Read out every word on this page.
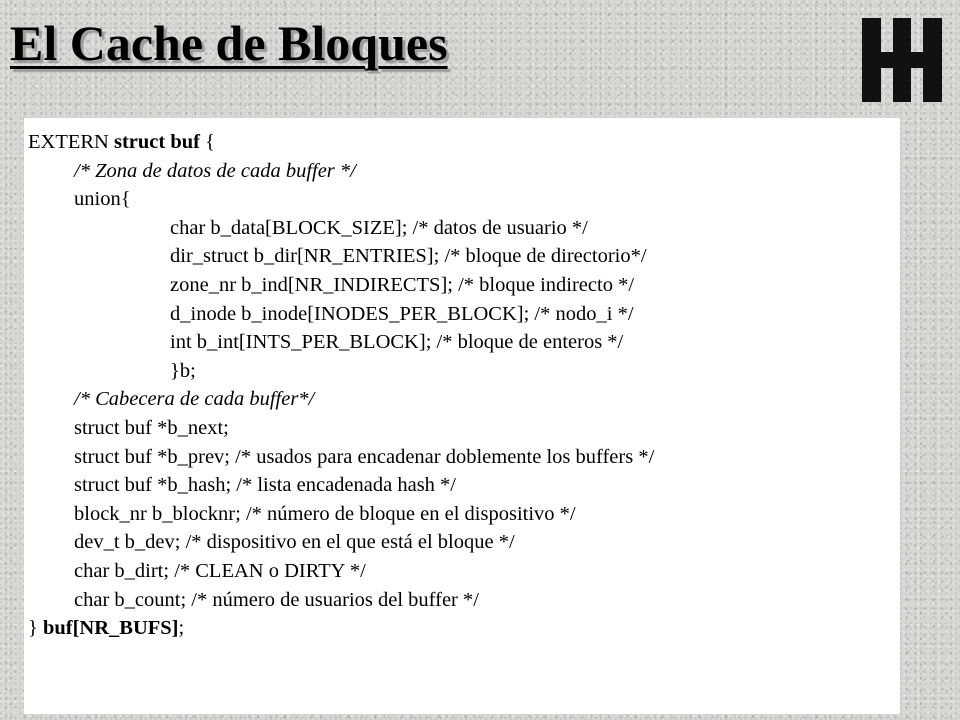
El Cache de Bloques
EXTERN struct buf {
/* Zona de datos de cada buffer */
union{
char b_data[BLOCK_SIZE]; /* datos de usuario */
dir_struct b_dir[NR_ENTRIES]; /* bloque de directorio*/
zone_nr b_ind[NR_INDIRECTS]; /* bloque indirecto */
d_inode b_inode[INODES_PER_BLOCK]; /* nodo_i */
int b_int[INTS_PER_BLOCK]; /* bloque de enteros */
}b;
/* Cabecera de cada buffer*/
struct buf *b_next;
struct buf *b_prev; /* usados para encadenar doblemente los buffers */
struct buf *b_hash; /* lista encadenada hash */
block_nr b_blocknr; /* número de bloque en el dispositivo */
dev_t b_dev; /* dispositivo en el que está el bloque */
char b_dirt; /* CLEAN o DIRTY */
char b_count; /* número de usuarios del buffer */
} buf[NR_BUFS];
